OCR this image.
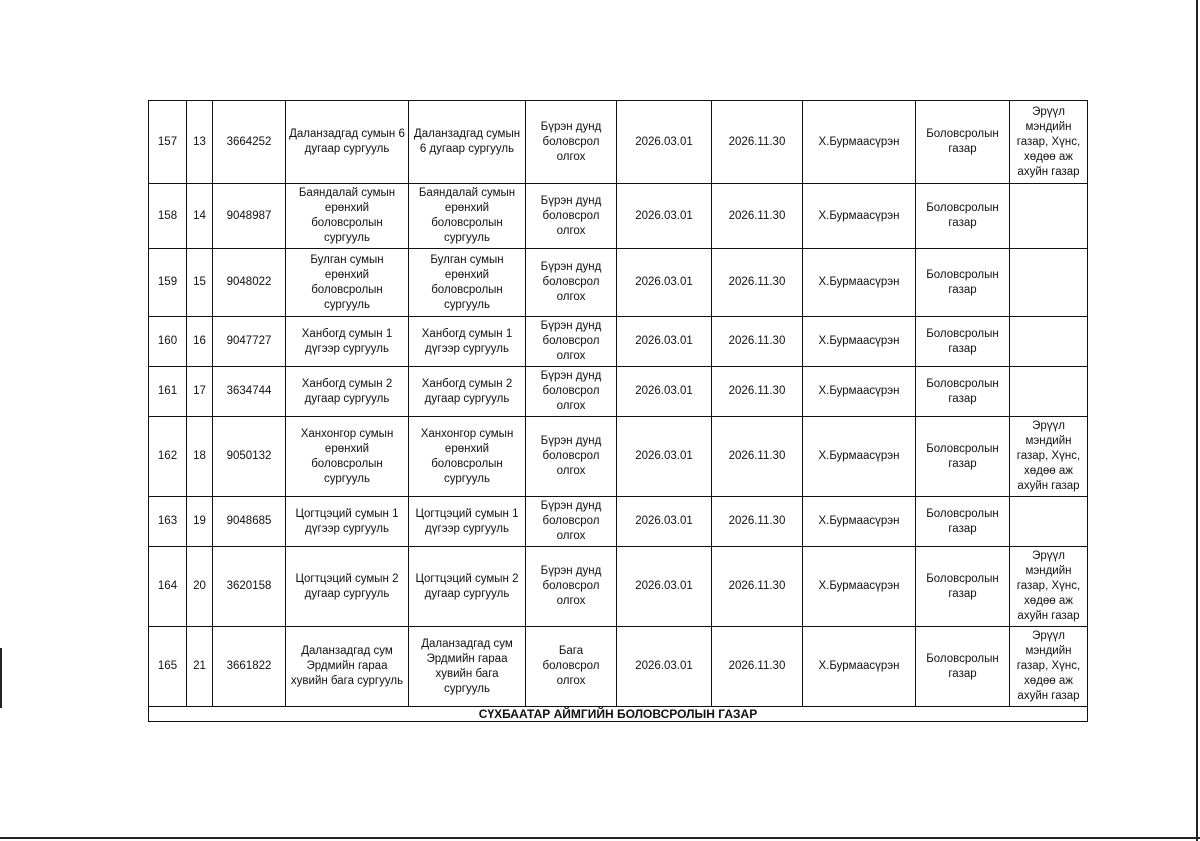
157	13	3664252	Даланзадгад сумын 6 дугаар сургууль	Даланзадгад сумын 6 дугаар сургууль	Бүрэн дунд боловсрол олгох	2026.03.01	2026.11.30	Х.Бурмаасүрэн	Боловсролын газар	Эрүүл мэндийн газар, Хүнс, хөдөө аж ахуйн газар
158	14	9048987	Баяндалай сумын ерөнхий боловсролын сургууль	Баяндалай сумын ерөнхий боловсролын сургууль	Бүрэн дунд боловсрол олгох	2026.03.01	2026.11.30	Х.Бурмаасүрэн	Боловсролын газар	
159	15	9048022	Булган сумын ерөнхий боловсролын сургууль	Булган сумын ерөнхий боловсролын сургууль	Бүрэн дунд боловсрол олгох	2026.03.01	2026.11.30	Х.Бурмаасүрэн	Боловсролын газар	
160	16	9047727	Ханбогд сумын 1 дүгээр сургууль	Ханбогд сумын 1 дүгээр сургууль	Бүрэн дунд боловсрол олгох	2026.03.01	2026.11.30	Х.Бурмаасүрэн	Боловсролын газар	
161	17	3634744	Ханбогд сумын 2 дугаар сургууль	Ханбогд сумын 2 дугаар сургууль	Бүрэн дунд боловсрол олгох	2026.03.01	2026.11.30	Х.Бурмаасүрэн	Боловсролын газар	
162	18	9050132	Ханхонгор сумын ерөнхий боловсролын сургууль	Ханхонгор сумын ерөнхий боловсролын сургууль	Бүрэн дунд боловсрол олгох	2026.03.01	2026.11.30	Х.Бурмаасүрэн	Боловсролын газар	Эрүүл мэндийн газар, Хүнс, хөдөө аж ахуйн газар
163	19	9048685	Цогтцэций сумын 1 дүгээр сургууль	Цогтцэций сумын 1 дүгээр сургууль	Бүрэн дунд боловсрол олгох	2026.03.01	2026.11.30	Х.Бурмаасүрэн	Боловсролын газар	
164	20	3620158	Цогтцэций сумын 2 дугаар сургууль	Цогтцэций сумын 2 дугаар сургууль	Бүрэн дунд боловсрол олгох	2026.03.01	2026.11.30	Х.Бурмаасүрэн	Боловсролын газар	Эрүүл мэндийн газар, Хүнс, хөдөө аж ахуйн газар
165	21	3661822	Даланзадгад сум Эрдмийн гараа хувийн бага сургууль	Даланзадгад сум Эрдмийн гараа хувийн бага сургууль	Бага боловсрол олгох	2026.03.01	2026.11.30	Х.Бурмаасүрэн	Боловсролын газар	Эрүүл мэндийн газар, Хүнс, хөдөө аж ахуйн газар
СҮХБААТАР АЙМГИЙН БОЛОВСРОЛЫН ГАЗАР										
